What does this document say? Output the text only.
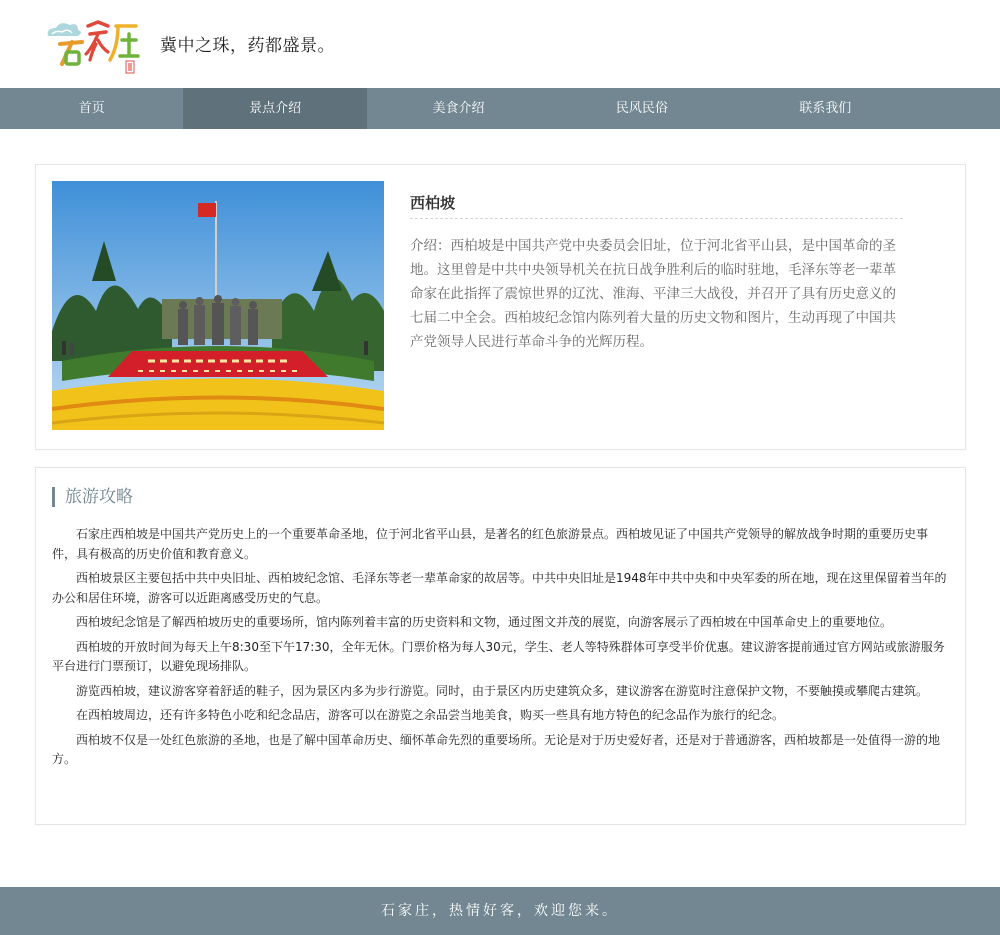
冀中之珠，药都盛景。
首页	景点介绍	美食介绍	民风民俗	联系我们
西柏坡
介绍：西柏坡是中国共产党中央委员会旧址，位于河北省平山县，是中国革命的圣地。这里曾是中共中央领导机关在抗日战争胜利后的临时驻地，毛泽东等老一辈革命家在此指挥了震惊世界的辽沈、淮海、平津三大战役，并召开了具有历史意义的七届二中全会。西柏坡纪念馆内陈列着大量的历史文物和图片，生动再现了中国共产党领导人民进行革命斗争的光辉历程。
旅游攻略

石家庄西柏坡是中国共产党历史上的一个重要革命圣地，位于河北省平山县，是著名的红色旅游景点。西柏坡见证了中国共产党领导的解放战争时期的重要历史事件，具有极高的历史价值和教育意义。

西柏坡景区主要包括中共中央旧址、西柏坡纪念馆、毛泽东等老一辈革命家的故居等。中共中央旧址是1948年中共中央和中央军委的所在地，现在这里保留着当年的办公和居住环境，游客可以近距离感受历史的气息。

西柏坡纪念馆是了解西柏坡历史的重要场所，馆内陈列着丰富的历史资料和文物，通过图文并茂的展览，向游客展示了西柏坡在中国革命史上的重要地位。

西柏坡的开放时间为每天上午8:30至下午17:30，全年无休。门票价格为每人30元，学生、老人等特殊群体可享受半价优惠。建议游客提前通过官方网站或旅游服务平台进行门票预订，以避免现场排队。

游览西柏坡，建议游客穿着舒适的鞋子，因为景区内多为步行游览。同时，由于景区内历史建筑众多，建议游客在游览时注意保护文物，不要触摸或攀爬古建筑。

在西柏坡周边，还有许多特色小吃和纪念品店，游客可以在游览之余品尝当地美食，购买一些具有地方特色的纪念品作为旅行的纪念。

西柏坡不仅是一处红色旅游的圣地，也是了解中国革命历史、缅怀革命先烈的重要场所。无论是对于历史爱好者，还是对于普通游客，西柏坡都是一处值得一游的地方。

石家庄，热情好客，欢迎您来。
